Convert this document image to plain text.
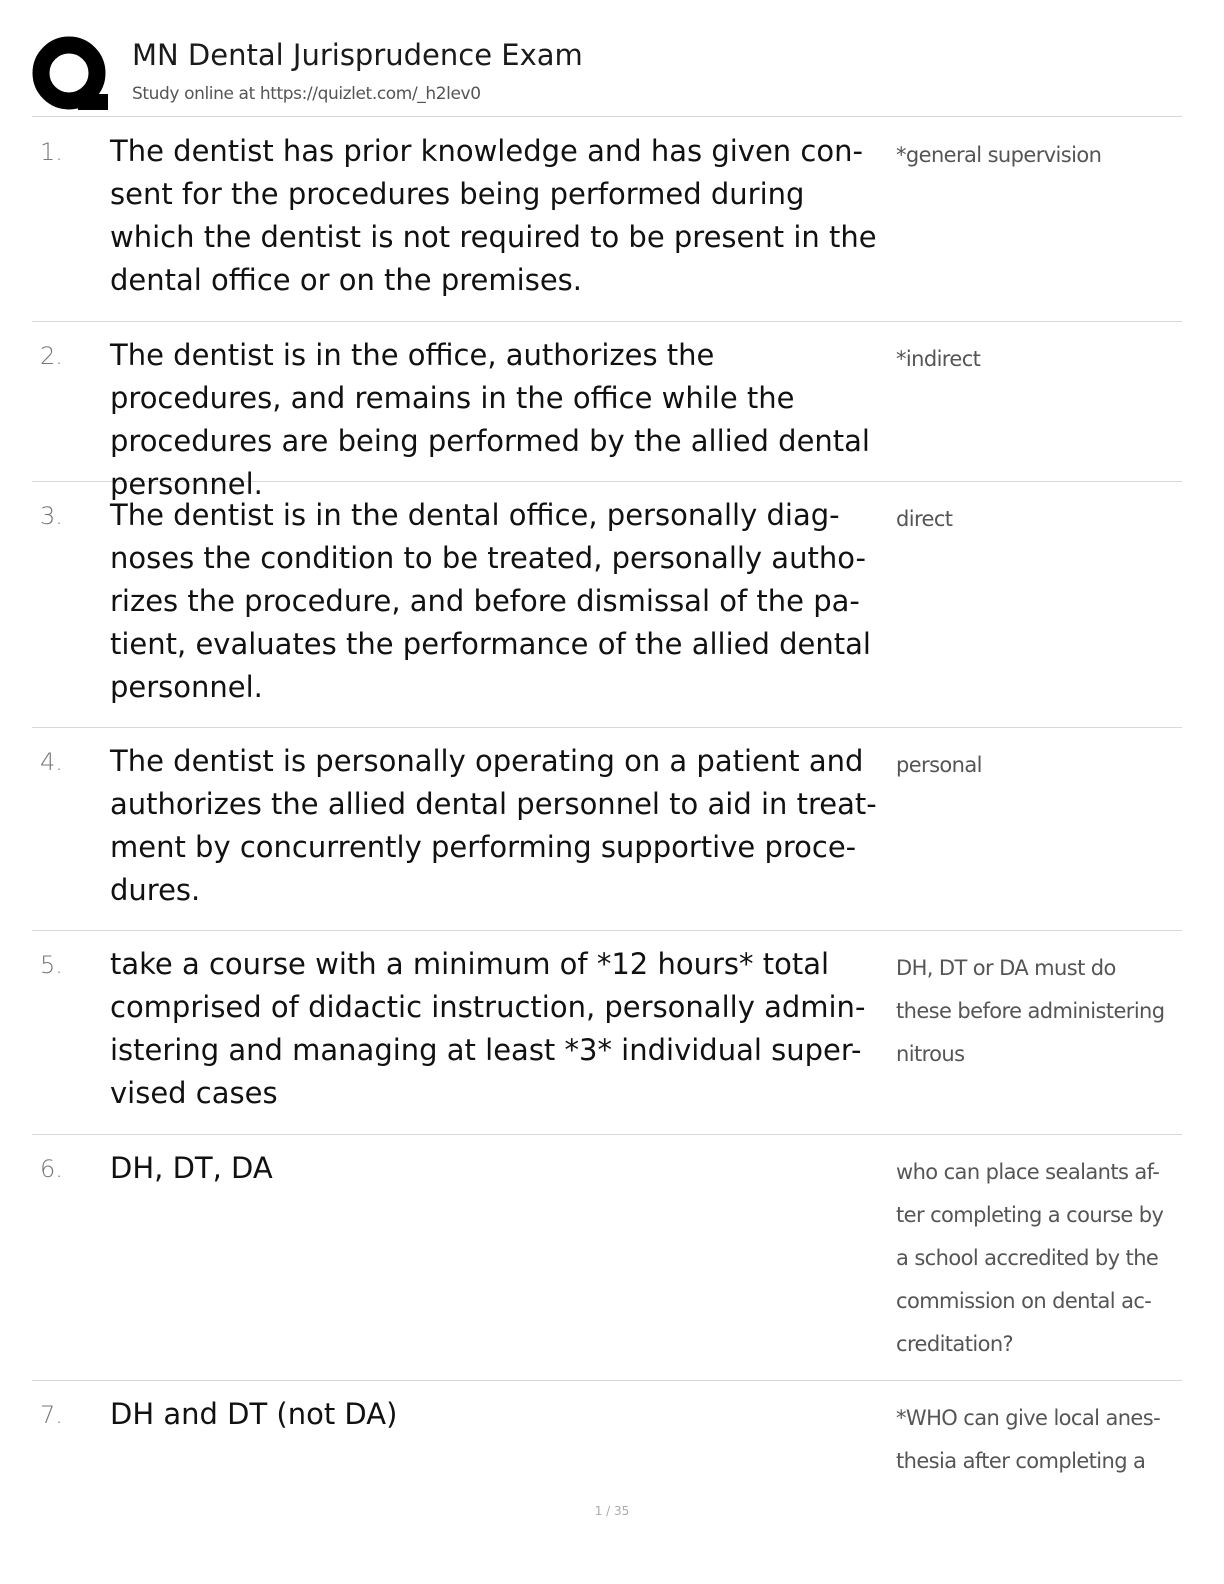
MN Dental Jurisprudence Exam
Study online at https://quizlet.com/_h2lev0
1. The dentist has prior knowledge and has given con- sent for the procedures being performed during which the dentist is not required to be present in the dental office or on the premises.
*general supervision
2. The dentist is in the office, authorizes the procedures, and remains in the office while the procedures are being performed by the allied dental personnel.
*indirect
3. The dentist is in the dental office, personally diag- noses the condition to be treated, personally autho- rizes the procedure, and before dismissal of the pa- tient, evaluates the performance of the allied dental personnel.
direct
4. The dentist is personally operating on a patient and authorizes the allied dental personnel to aid in treat- ment by concurrently performing supportive proce- dures.
personal
5. take a course with a minimum of *12 hours* total comprised of didactic instruction, personally admin- istering and managing at least *3* individual super- vised cases
DH, DT or DA must do these before administering nitrous
6. DH, DT, DA	who can place sealants af- ter completing a course by a school accredited by the commission on dental ac- creditation?
7. DH and DT (not DA)	*WHO can give local anes- thesia after completing a
1 / 35
